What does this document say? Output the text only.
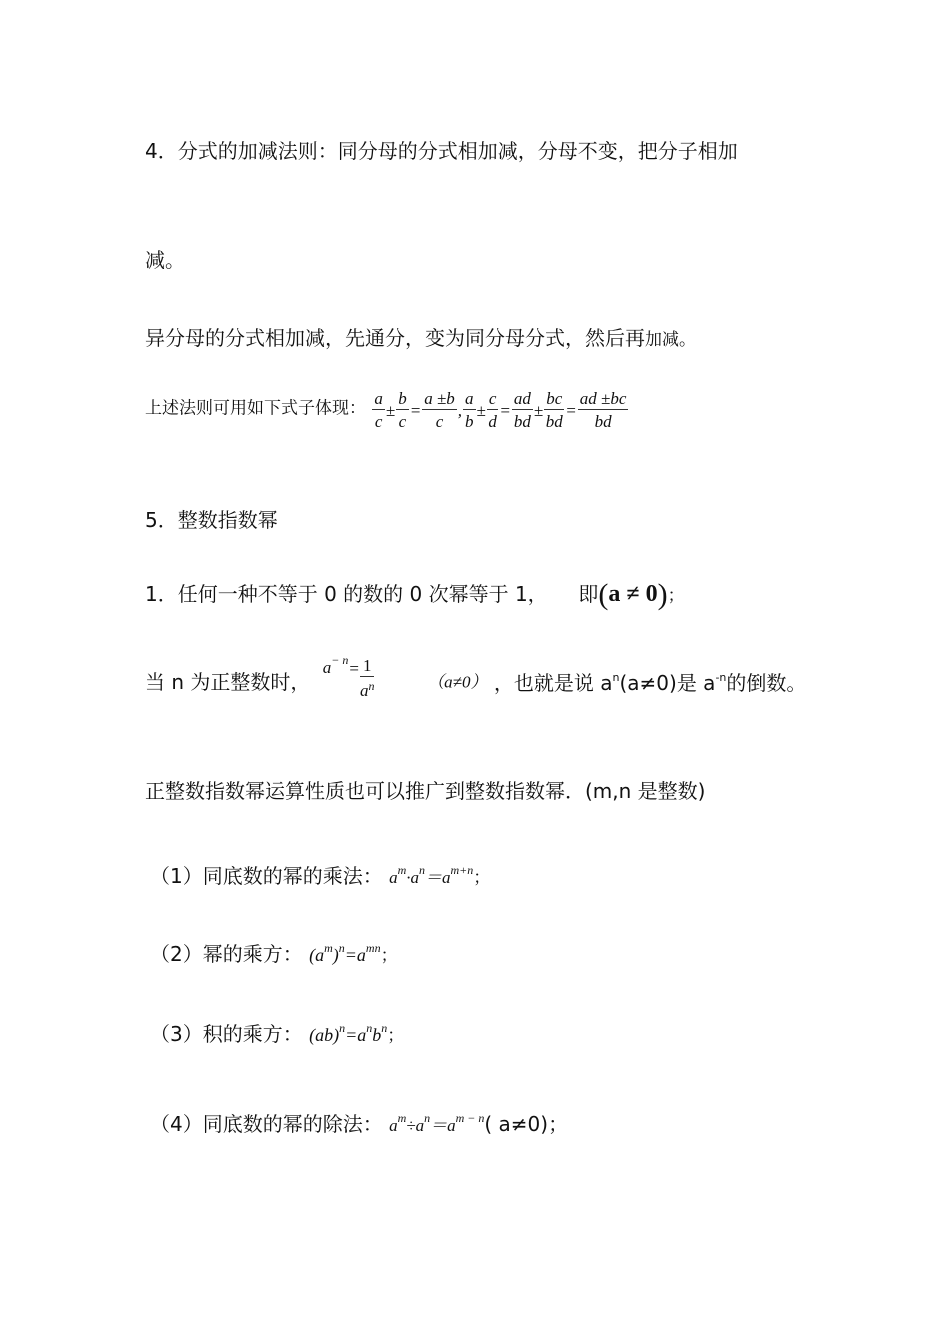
4．分式的加减法则：同分母的分式相加减，分母不变，把分子相加
减。
异分母的分式相加减，先通分，变为同分母分式，然后再加减。
上述法则可用如下式子体现： $\frac{a}{c} \pm \frac{b}{c} = \frac{a \pm b}{c}$ , $\frac{a}{b} \pm \frac{c}{d} = \frac{ad}{bd} \pm \frac{bc}{bd} = \frac{ad \pm bc}{bd}$
5．整数指数幂
1．任何一种不等于 0 的数的 0 次幂等于 1， 即(a ≠ 0)；
当 n 为正整数时， $a^{- n}= \frac{1}{a^n}$	（a≠0） ，也就是说 $a^n(a\ne 0)$是 $a^{-n}$的倒数。
正整数指数幂运算性质也可以推广到整数指数幂．(m,n 是整数)
（1）同底数的幂的乘法： $a^m\cdot a^n=a^{m+n}$；
（2）幂的乘方： $(a^m)^n=a^{mn}$；
（3）积的乘方： $(ab)^n=a^nb^n$；
（4）同底数的幂的除法： $a^m\div a^n=a^{m - n}$( a≠0)；
